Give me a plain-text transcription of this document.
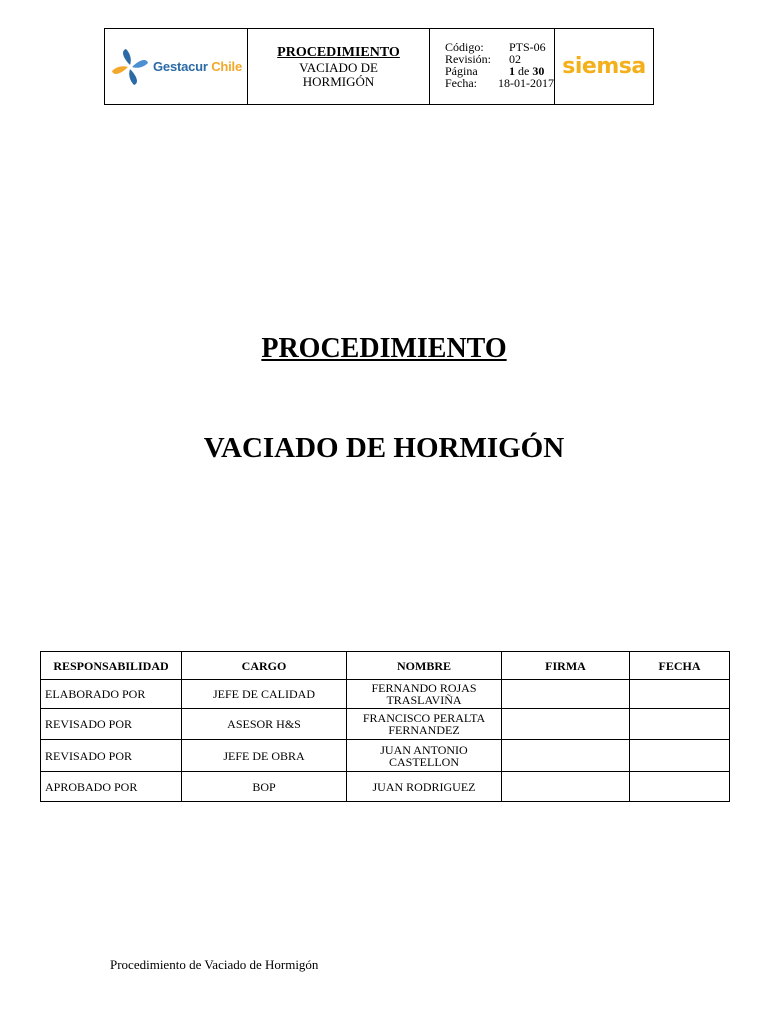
Gestacur Chile
PROCEDIMIENTO
VACIADO DE
HORMIGÓN
Código:	PTS-06
Revisión:	02
Página	1 de 30
Fecha:	18-01-2017
siemsa
PROCEDIMIENTO
VACIADO DE HORMIGÓN
RESPONSABILIDAD	CARGO	NOMBRE	FIRMA	FECHA
ELABORADO POR	JEFE DE CALIDAD	FERNANDO ROJAS
TRASLAVIÑA		

REVISADO POR	ASESOR H&S	FRANCISCO PERALTA
FERNANDEZ		

REVISADO POR	JEFE DE OBRA	JUAN ANTONIO
CASTELLON		

APROBADO POR	BOP	JUAN RODRIGUEZ		
Procedimiento de Vaciado de Hormigón
